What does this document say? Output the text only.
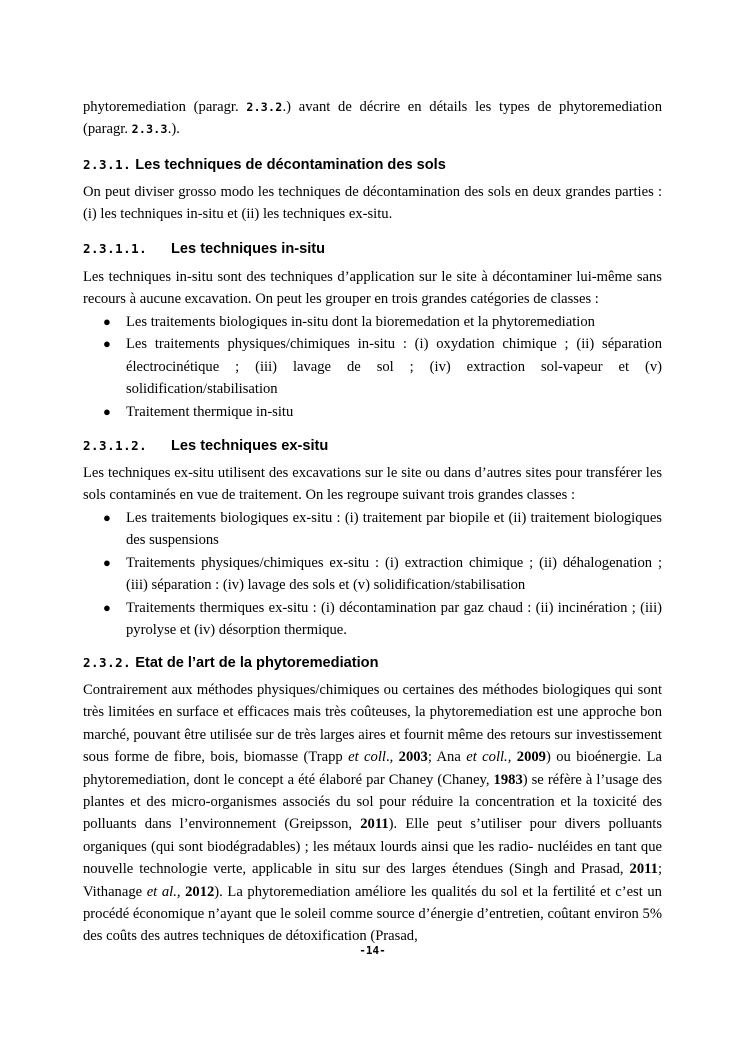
phytoremediation (paragr. 2.3.2.) avant de décrire en détails les types de phytoremediation (paragr. 2.3.3.).

2.3.1. Les techniques de décontamination des sols

On peut diviser grosso modo les techniques de décontamination des sols en deux grandes parties : (i) les techniques in-situ et (ii) les techniques ex-situ.

2.3.1.1. Les techniques in-situ

Les techniques in-situ sont des techniques d’application sur le site à décontaminer lui-même sans recours à aucune excavation. On peut les grouper en trois grandes catégories de classes :

● Les traitements biologiques in-situ dont la bioremedation et la phytoremediation
● Les traitements physiques/chimiques in-situ : (i) oxydation chimique ; (ii) séparation électrocinétique ; (iii) lavage de sol ; (iv) extraction sol-vapeur et (v) solidification/stabilisation
● Traitement thermique in-situ
2.3.1.2. Les techniques ex-situ

Les techniques ex-situ utilisent des excavations sur le site ou dans d’autres sites pour transférer les sols contaminés en vue de traitement. On les regroupe suivant trois grandes classes :

● Les traitements biologiques ex-situ : (i) traitement par biopile et (ii) traitement biologiques des suspensions
● Traitements physiques/chimiques ex-situ : (i) extraction chimique ; (ii) déhalogenation ; (iii) séparation : (iv) lavage des sols et (v) solidification/stabilisation
● Traitements thermiques ex-situ : (i) décontamination par gaz chaud : (ii) incinération ; (iii) pyrolyse et (iv) désorption thermique.
2.3.2. Etat de l’art de la phytoremediation

Contrairement aux méthodes physiques/chimiques ou certaines des méthodes biologiques qui sont très limitées en surface et efficaces mais très coûteuses, la phytoremediation est une approche bon marché, pouvant être utilisée sur de très larges aires et fournit même des retours sur investissement sous forme de fibre, bois, biomasse (Trapp et coll., 2003; Ana et coll., 2009) ou bioénergie. La phytoremediation, dont le concept a été élaboré par Chaney (Chaney, 1983) se réfère à l’usage des plantes et des micro-organismes associés du sol pour réduire la concentration et la toxicité des polluants dans l’environnement (Greipsson, 2011). Elle peut s’utiliser pour divers polluants organiques (qui sont biodégradables) ; les métaux lourds ainsi que les radio- nucléides en tant que nouvelle technologie verte, applicable in situ sur des larges étendues (Singh and Prasad, 2011; Vithanage et al., 2012). La phytoremediation améliore les qualités du sol et la fertilité et c’est un procédé économique n’ayant que le soleil comme source d’énergie d’entretien, coûtant environ 5% des coûts des autres techniques de détoxification (Prasad,

-14-
